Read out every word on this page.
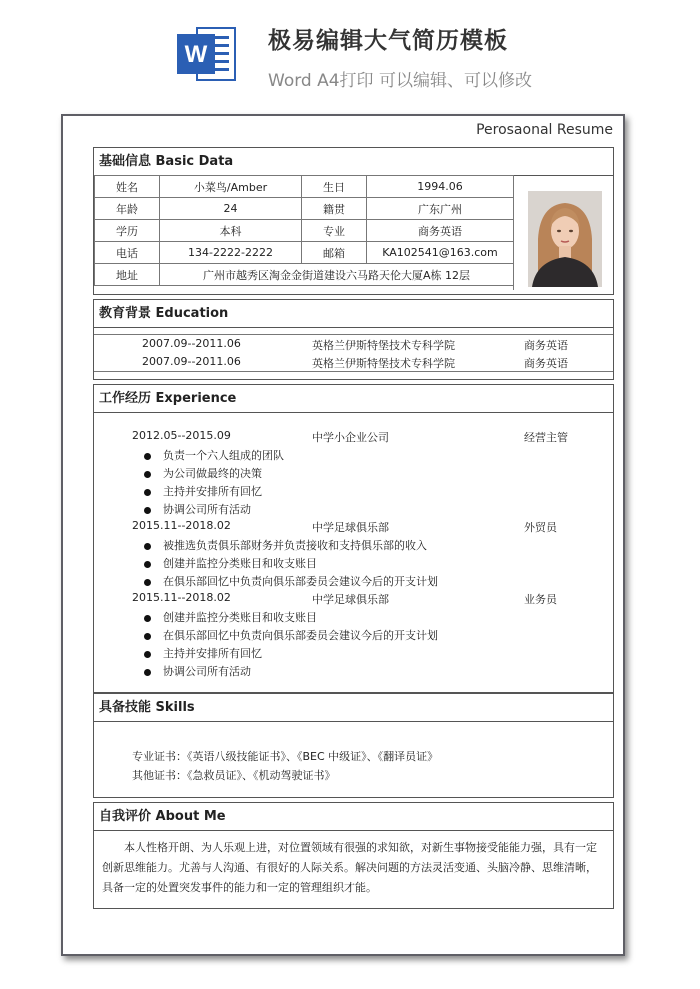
W	极易编辑大气简历模板
Word A4打印 可以编辑、可以修改
Perosaonal Resume
基础信息 Basic Data
姓名	小菜鸟/Amber	生日	1994.06
年龄	24	籍贯	广东广州
学历	本科	专业	商务英语
电话	134-2222-2222	邮箱	KA102541@163.com
地址	广州市越秀区淘金金街道建设六马路天伦大厦A栋 12层		
教育背景 Education
2007.09--2011.06	英格兰伊斯特堡技术专科学院	商务英语
2007.09--2011.06	英格兰伊斯特堡技术专科学院	商务英语
工作经历 Experience
2012.05--2015.09	中学小企业公司	经营主管
负责一个六人组成的团队
为公司做最终的决策
主持并安排所有回忆
协调公司所有活动
2015.11--2018.02	中学足球俱乐部	外贸员
被推选负责俱乐部财务并负责接收和支持俱乐部的收入
创建并监控分类账目和收支账目
在俱乐部回忆中负责向俱乐部委员会建议今后的开支计划
2015.11--2018.02	中学足球俱乐部	业务员
创建并监控分类账目和收支账目
在俱乐部回忆中负责向俱乐部委员会建议今后的开支计划
主持并安排所有回忆
协调公司所有活动
具备技能 Skills
专业证书：《英语八级技能证书》、《BEC 中级证》、《翻译员证》
其他证书：《急救员证》、《机动驾驶证书》
自我评价 About Me
本人性格开朗、为人乐观上进，对位置领域有很强的求知欲，对新生事物接受能能力强，具有一定创新思维能力。尤善与人沟通、有很好的人际关系。解决问题的方法灵活变通、头脑冷静、思维清晰，具备一定的处置突发事件的能力和一定的管理组织才能。
